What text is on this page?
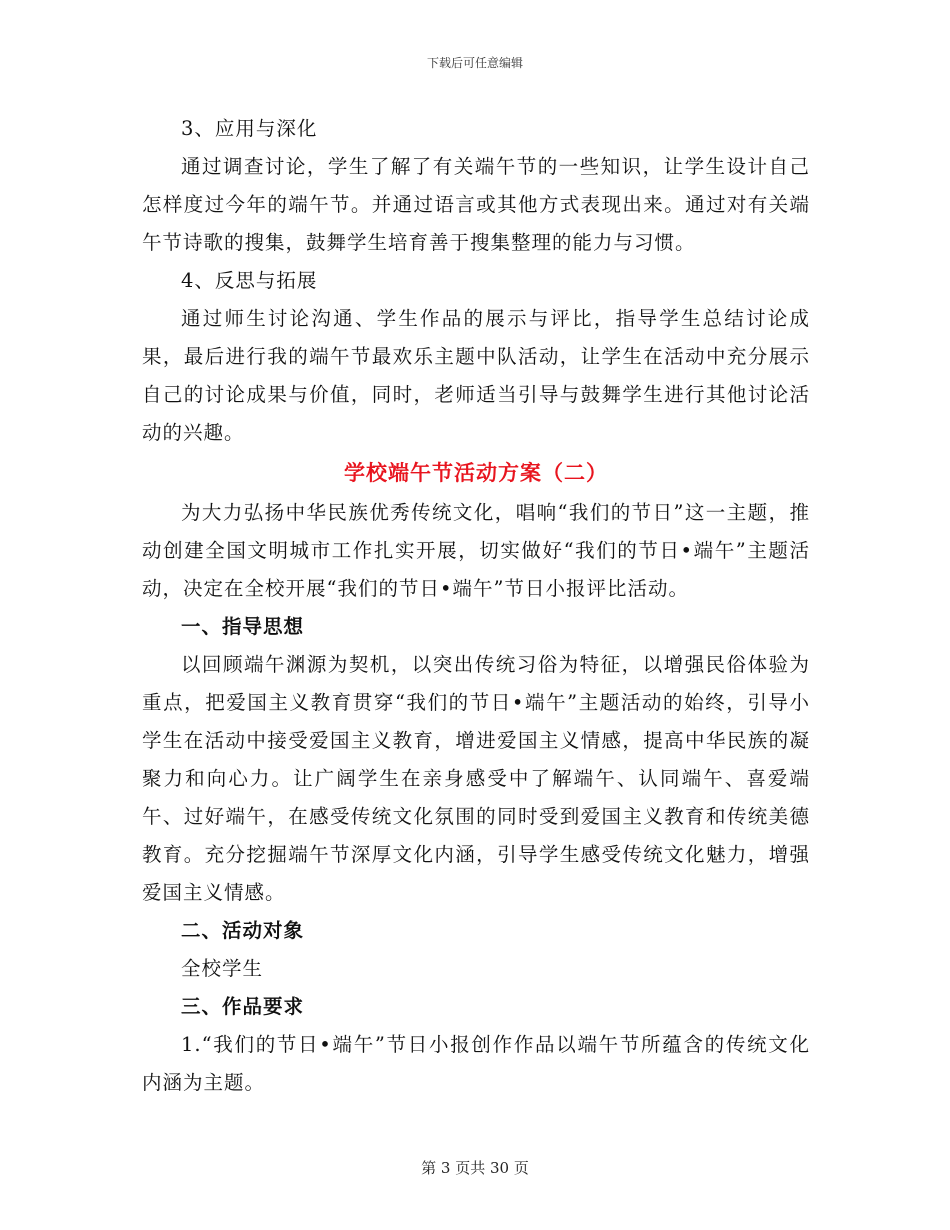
下载后可任意编辑

3、应用与深化

通过调查讨论，学生了解了有关端午节的一些知识，让学生设计自己怎样度过今年的端午节。并通过语言或其他方式表现出来。通过对有关端午节诗歌的搜集，鼓舞学生培育善于搜集整理的能力与习惯。

4、反思与拓展

通过师生讨论沟通、学生作品的展示与评比，指导学生总结讨论成果，最后进行我的端午节最欢乐主题中队活动，让学生在活动中充分展示自己的讨论成果与价值，同时，老师适当引导与鼓舞学生进行其他讨论活动的兴趣。

学校端午节活动方案（二）

为大力弘扬中华民族优秀传统文化，唱响“我们的节日”这一主题，推动创建全国文明城市工作扎实开展，切实做好“我们的节日•端午”主题活动，决定在全校开展“我们的节日•端午”节日小报评比活动。

一、指导思想

以回顾端午渊源为契机，以突出传统习俗为特征，以增强民俗体验为重点，把爱国主义教育贯穿“我们的节日•端午”主题活动的始终，引导小学生在活动中接受爱国主义教育，增进爱国主义情感，提高中华民族的凝聚力和向心力。让广阔学生在亲身感受中了解端午、认同端午、喜爱端午、过好端午，在感受传统文化氛围的同时受到爱国主义教育和传统美德教育。充分挖掘端午节深厚文化内涵，引导学生感受传统文化魅力，增强爱国主义情感。

二、活动对象

全校学生

三、作品要求

1.“我们的节日•端午”节日小报创作作品以端午节所蕴含的传统文化内涵为主题。

第 3 页共 30 页
